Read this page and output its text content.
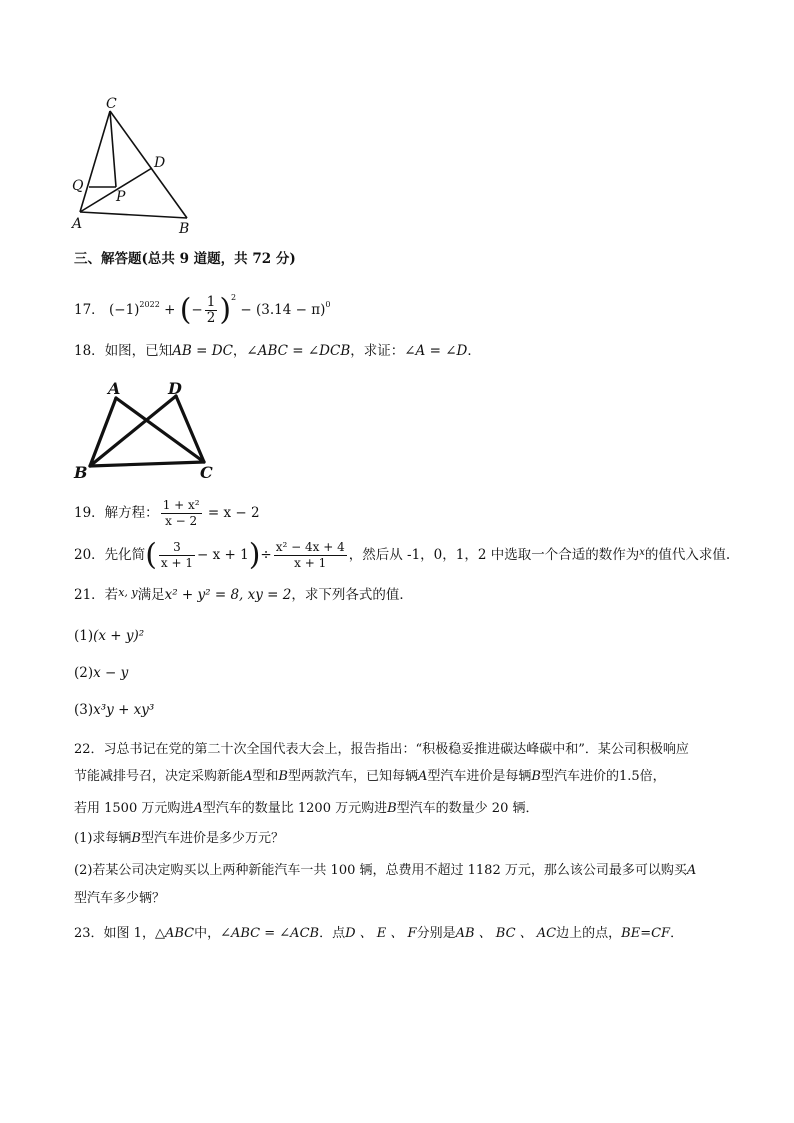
C
D
Q
P
A	B
三、解答题(总共 9 道题，共 72 分)
17． $(-1)^{2022}$ + (− $\frac{1}{2} )^2 - (3.14 - \pi)^0$
18．如图，已知AB = DC，∠ABC = ∠DCB，求证：∠A = ∠D．
A	D
B	C
19．解方程： $\frac{\text{1 + x²}}{x - 2} = x - 2$
20．先化简( $\frac{3}{x + 1} - x + 1)\div \frac{\text{x² − 4x + 4}}{x + 1}$ ，然后从 -1，0，1，2 中选取一个合适的数作为$^x$的值代入求值.
21．若$^{x, y}$满足x² + y² = 8, xy = 2，求下列各式的值．
(1)(x + y)²
(2)x − y
(3)x³y + xy³
22．习总书记在党的第二十次全国代表大会上，报告指出：“积极稳妥推进碳达峰碳中和”．某公司积极响应
节能减排号召，决定采购新能A型和B型两款汽车，已知每辆A型汽车进价是每辆B型汽车进价的1.5倍，
若用 1500 万元购进A型汽车的数量比 1200 万元购进B型汽车的数量少 20 辆．
(1)求每辆B型汽车进价是多少万元？
(2)若某公司决定购买以上两种新能汽车一共 100 辆，总费用不超过 1182 万元，那么该公司最多可以购买A
型汽车多少辆？
23．如图 1，△ABC中，∠ABC = ∠ACB．点D 、 E 、 F分别是AB 、 BC 、 AC边上的点，BE=CF．
